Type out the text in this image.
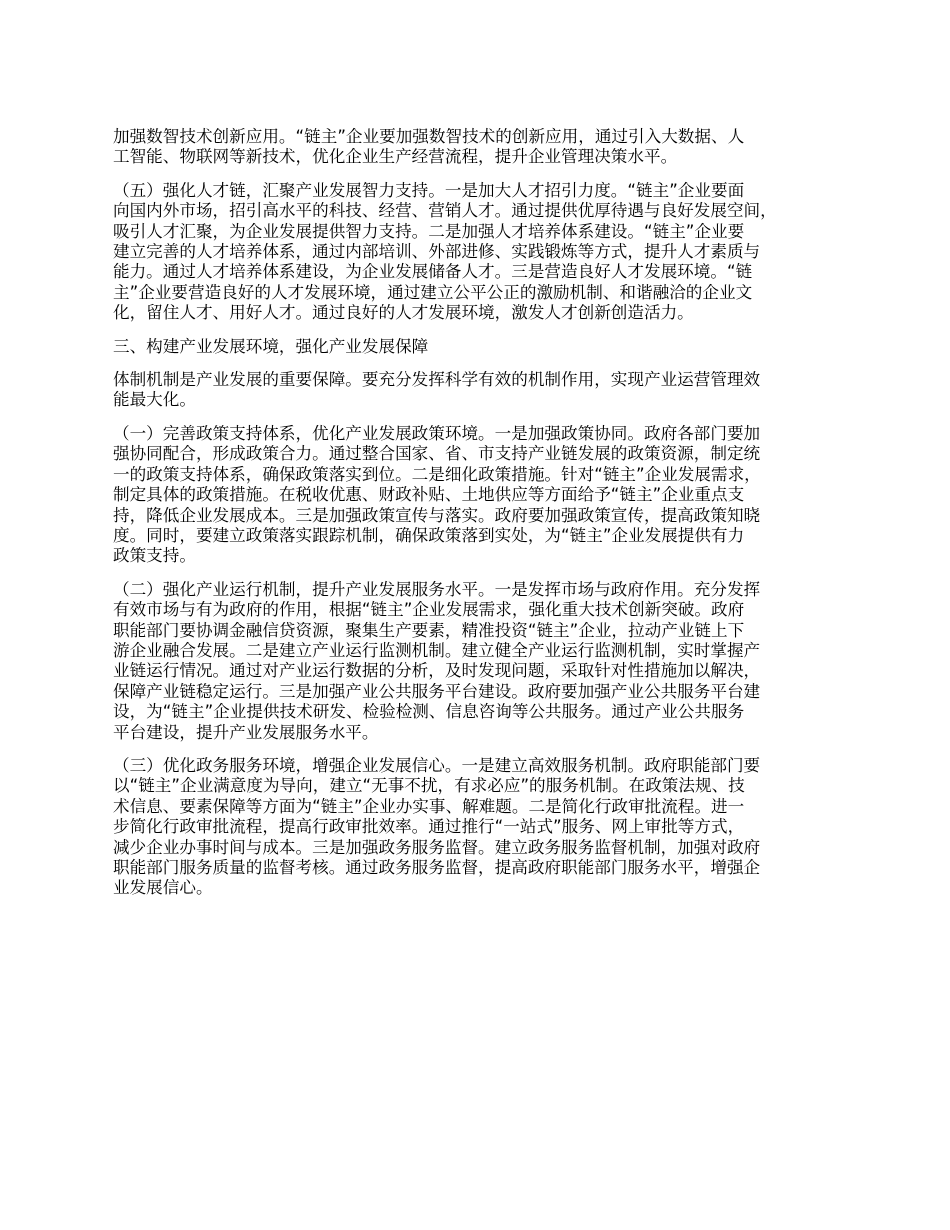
加强数智技术创新应用。“链主”企业要加强数智技术的创新应用，通过引入大数据、人
工智能、物联网等新技术，优化企业生产经营流程，提升企业管理决策水平。

（五）强化人才链，汇聚产业发展智力支持。一是加大人才招引力度。“链主”企业要面
向国内外市场，招引高水平的科技、经营、营销人才。通过提供优厚待遇与良好发展空间，
吸引人才汇聚，为企业发展提供智力支持。二是加强人才培养体系建设。“链主”企业要
建立完善的人才培养体系，通过内部培训、外部进修、实践锻炼等方式，提升人才素质与
能力。通过人才培养体系建设，为企业发展储备人才。三是营造良好人才发展环境。“链
主”企业要营造良好的人才发展环境，通过建立公平公正的激励机制、和谐融洽的企业文
化，留住人才、用好人才。通过良好的人才发展环境，激发人才创新创造活力。

三、构建产业发展环境，强化产业发展保障

体制机制是产业发展的重要保障。要充分发挥科学有效的机制作用，实现产业运营管理效
能最大化。

（一）完善政策支持体系，优化产业发展政策环境。一是加强政策协同。政府各部门要加
强协同配合，形成政策合力。通过整合国家、省、市支持产业链发展的政策资源，制定统
一的政策支持体系，确保政策落实到位。二是细化政策措施。针对“链主”企业发展需求，
制定具体的政策措施。在税收优惠、财政补贴、土地供应等方面给予“链主”企业重点支
持，降低企业发展成本。三是加强政策宣传与落实。政府要加强政策宣传，提高政策知晓
度。同时，要建立政策落实跟踪机制，确保政策落到实处，为“链主”企业发展提供有力
政策支持。

（二）强化产业运行机制，提升产业发展服务水平。一是发挥市场与政府作用。充分发挥
有效市场与有为政府的作用，根据“链主”企业发展需求，强化重大技术创新突破。政府
职能部门要协调金融信贷资源，聚集生产要素，精准投资“链主”企业，拉动产业链上下
游企业融合发展。二是建立产业运行监测机制。建立健全产业运行监测机制，实时掌握产
业链运行情况。通过对产业运行数据的分析，及时发现问题，采取针对性措施加以解决，
保障产业链稳定运行。三是加强产业公共服务平台建设。政府要加强产业公共服务平台建
设，为“链主”企业提供技术研发、检验检测、信息咨询等公共服务。通过产业公共服务
平台建设，提升产业发展服务水平。

（三）优化政务服务环境，增强企业发展信心。一是建立高效服务机制。政府职能部门要
以“链主”企业满意度为导向，建立“无事不扰，有求必应”的服务机制。在政策法规、技
术信息、要素保障等方面为“链主”企业办实事、解难题。二是简化行政审批流程。进一
步简化行政审批流程，提高行政审批效率。通过推行“一站式”服务、网上审批等方式，
减少企业办事时间与成本。三是加强政务服务监督。建立政务服务监督机制，加强对政府
职能部门服务质量的监督考核。通过政务服务监督，提高政府职能部门服务水平，增强企
业发展信心。
